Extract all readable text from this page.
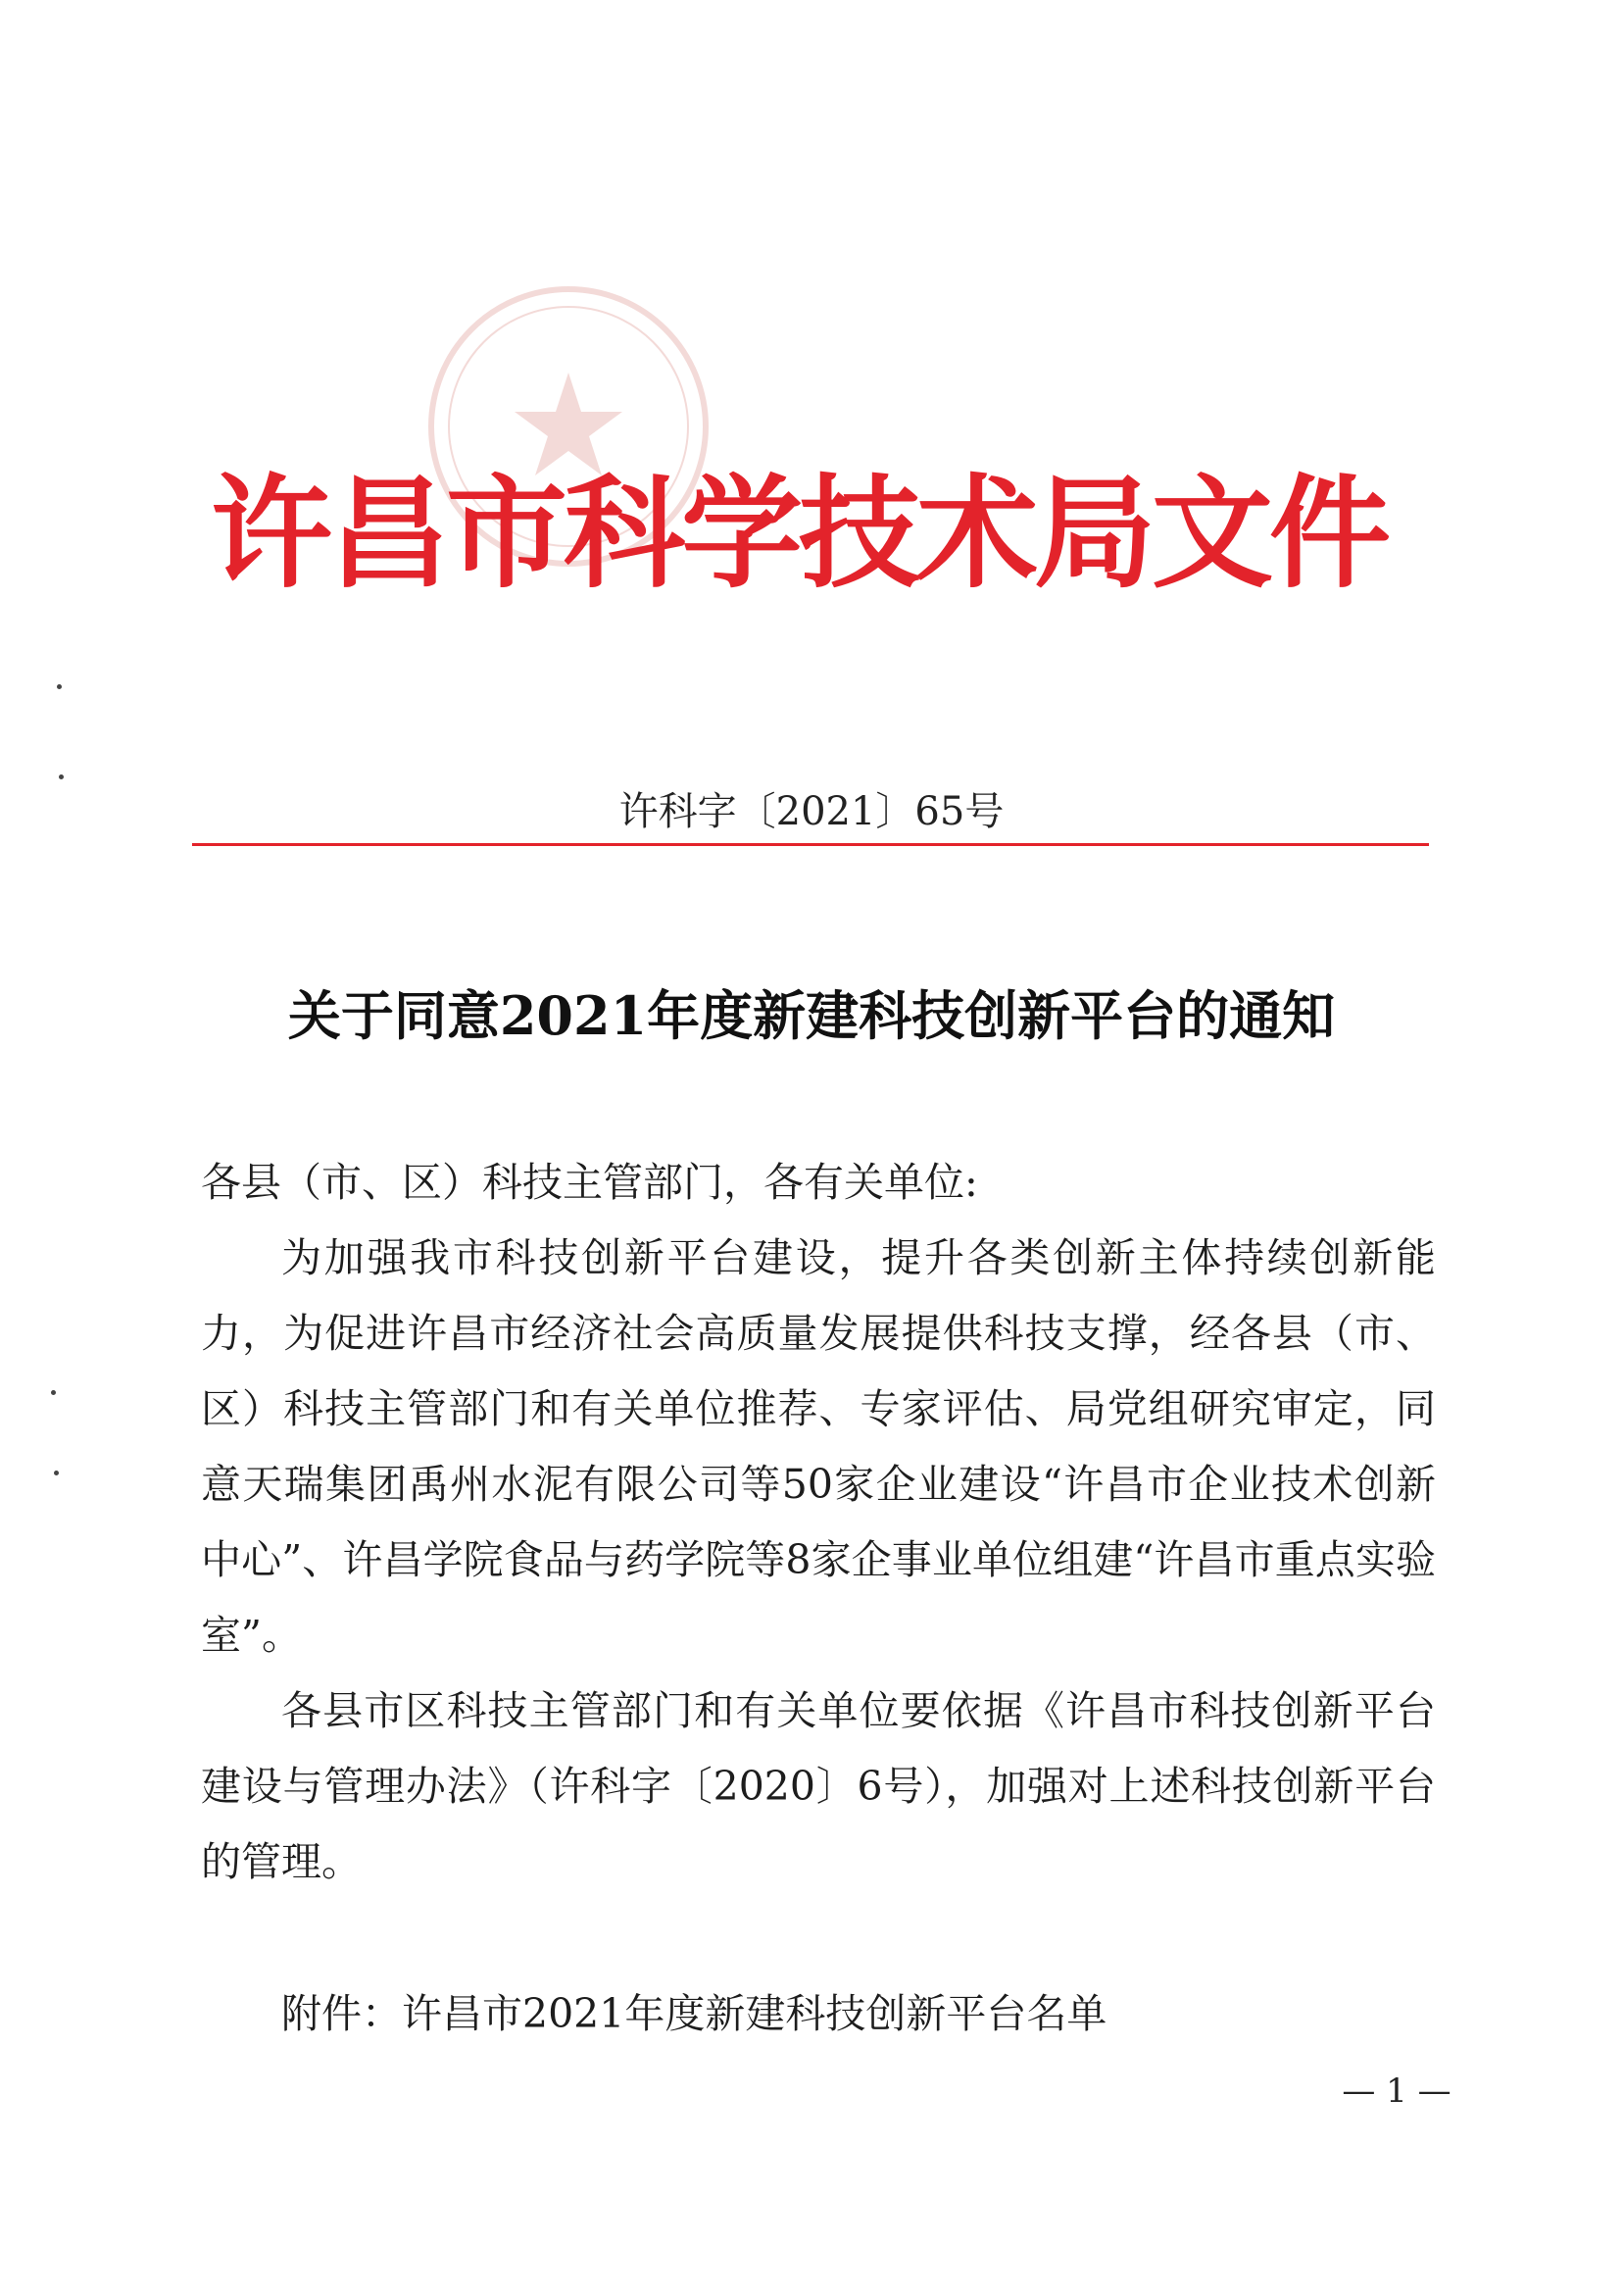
许昌市科学技术局文件
许科字〔2021〕65号
关于同意2021年度新建科技创新平台的通知

各县（市、区）科技主管部门，各有关单位:

为加强我市科技创新平台建设，提升各类创新主体持续创新能力，为促进许昌市经济社会高质量发展提供科技支撑，经各县（市、区）科技主管部门和有关单位推荐、专家评估、局党组研究审定，同意天瑞集团禹州水泥有限公司等50家企业建设“许昌市企业技术创新中心”、许昌学院食品与药学院等8家企事业单位组建“许昌市重点实验室”。

各县市区科技主管部门和有关单位要依据《许昌市科技创新平台建设与管理办法》（许科字〔2020〕6号），加强对上述科技创新平台的管理。

附件：许昌市2021年度新建科技创新平台名单
— 1 —
